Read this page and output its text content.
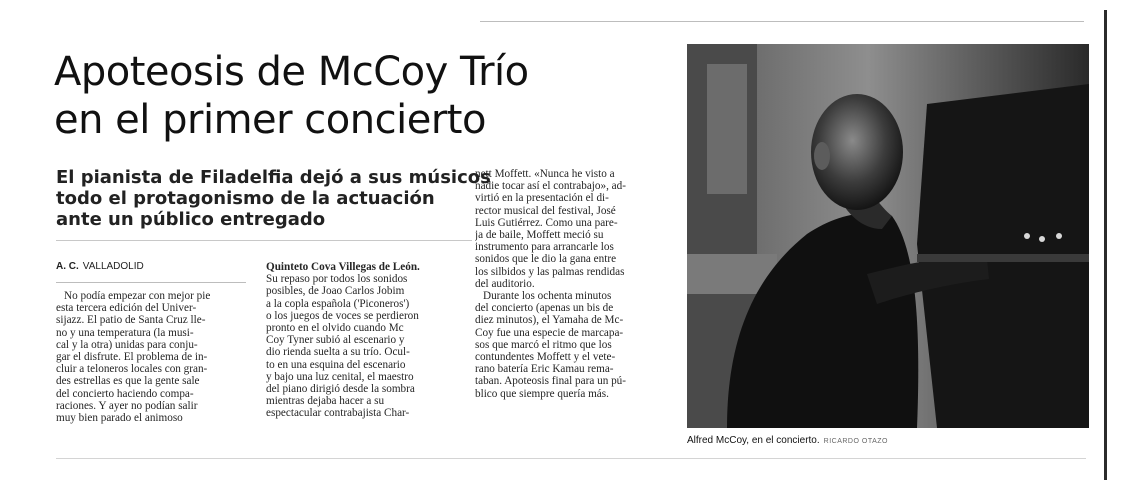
Apoteosis de McCoy Trío
en el primer concierto
El pianista de Filadelfia dejó a sus músicos
todo el protagonismo de la actuación
ante un público entregado
A. C. VALLADOLID
No podía empezar con mejor pie
esta tercera edición del Univer-
sijazz. El patio de Santa Cruz lle-
no y una temperatura (la musi-
cal y la otra) unidas para conju-
gar el disfrute. El problema de in-
cluir a teloneros locales con gran-
des estrellas es que la gente sale
del concierto haciendo compa-
raciones. Y ayer no podían salir
muy bien parado el animoso
Quinteto Cova Villegas de León.
Su repaso por todos los sonidos
posibles, de Joao Carlos Jobim
a la copla española ('Piconeros')
o los juegos de voces se perdieron
pronto en el olvido cuando Mc
Coy Tyner subió al escenario y
dio rienda suelta a su trío. Ocul-
to en una esquina del escenario
y bajo una luz cenital, el maestro
del piano dirigió desde la sombra
mientras dejaba hacer a su
espectacular contrabajista Char-
nett Moffett. «Nunca he visto a
nadie tocar así el contrabajo», ad-
virtió en la presentación el di-
rector musical del festival, José
Luis Gutiérrez. Como una pare-
ja de baile, Moffett meció su
instrumento para arrancarle los
sonidos que le dio la gana entre
los silbidos y las palmas rendidas
del auditorio.
Durante los ochenta minutos
del concierto (apenas un bis de
diez minutos), el Yamaha de Mc-
Coy fue una especie de marcapa-
sos que marcó el ritmo que los
contundentes Moffett y el vete-
rano batería Eric Kamau rema-
taban. Apoteosis final para un pú-
blico que siempre quería más.
Alfred McCoy, en el concierto. RICARDO OTAZO
